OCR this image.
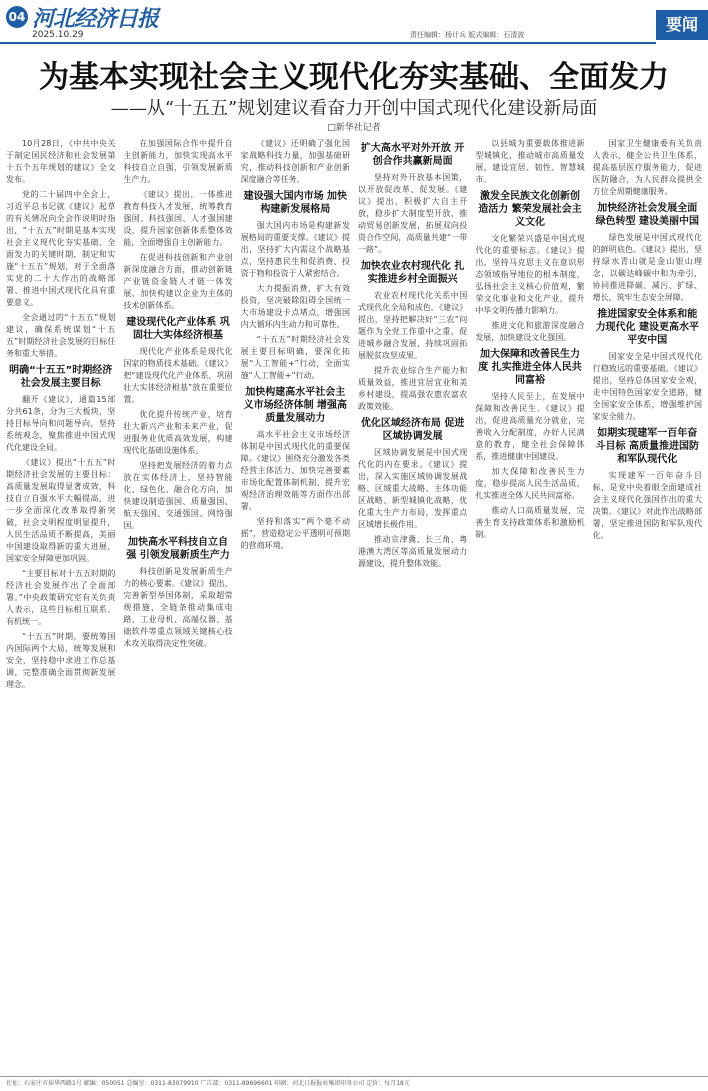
04 河北经济日报
2025.10.29	责任编辑：杨计兵 版式编辑：石清波
要闻
为基本实现社会主义现代化夯实基础、全面发力
——从“十五五”规划建议看奋力开创中国式现代化建设新局面
□新华社记者

10月28日，《中共中央关于制定国民经济和社会发展第十五个五年规划的建议》全文发布。

党的二十届四中全会上，习近平总书记就《建议》起草的有关情况向全会作说明时指出，“十五五”时期是基本实现社会主义现代化夯实基础、全面发力的关键时期，制定和实施“十五五”规划，对于全面落实党的二十大作出的战略部署、推进中国式现代化具有重要意义。

全会通过的“十五五”规划建议，确保系统谋划“十五五”时期经济社会发展的目标任务和重大举措。

明确“十五五”时期经济社会发展主要目标

翻开《建议》，通篇15部分共61条，分为三大板块，坚持目标导向和问题导向，坚持系统观念，聚焦推进中国式现代化建设全局。

《建议》提出“十五五”时期经济社会发展的主要目标：高质量发展取得显著成效，科技自立自强水平大幅提高，进一步全面深化改革取得新突破，社会文明程度明显提升，人民生活品质不断提高，美丽中国建设取得新的重大进展，国家安全屏障更加巩固。

“主要目标对十五五时期的经济社会发展作出了全面部署。”中央政策研究室有关负责人表示，这些目标相互联系、有机统一。

“十五五”时期，要统筹国内国际两个大局，统筹发展和安全，坚持稳中求进工作总基调，完整准确全面贯彻新发展理念。

在加强国际合作中提升自主创新能力，加快实现高水平科技自立自强，引领发展新质生产力。

《建议》提出，一体推进教育科技人才发展，统筹教育强国、科技强国、人才强国建设，提升国家创新体系整体效能，全面增强自主创新能力。

在促进科技创新和产业创新深度融合方面，推动创新链产业链资金链人才链一体发展，加快构建以企业为主体的技术创新体系。

建设现代化产业体系 巩固壮大实体经济根基

现代化产业体系是现代化国家的物质技术基础。《建议》把“建设现代化产业体系，巩固壮大实体经济根基”放在重要位置。

优化提升传统产业，培育壮大新兴产业和未来产业，促进服务业优质高效发展，构建现代化基础设施体系。

坚持把发展经济的着力点放在实体经济上，坚持智能化、绿色化、融合化方向，加快建设制造强国、质量强国、航天强国、交通强国、网络强国。

加快高水平科技自立自强 引领发展新质生产力

科技创新是发展新质生产力的核心要素。《建议》提出，完善新型举国体制，采取超常规措施，全链条推动集成电路、工业母机、高端仪器、基础软件等重点领域关键核心技术攻关取得决定性突破。

《建议》还明确了强化国家战略科技力量，加强基础研究，推动科技创新和产业创新深度融合等任务。

建设强大国内市场 加快构建新发展格局

强大国内市场是构建新发展格局的重要支撑。《建议》提出，坚持扩大内需这个战略基点，坚持惠民生和促消费、投资于物和投资于人紧密结合。

大力提振消费，扩大有效投资，坚决破除阻碍全国统一大市场建设卡点堵点，增强国内大循环内生动力和可靠性。

“十五五”时期经济社会发展主要目标明确，要深化拓展“人工智能+”行动，全面实施“人工智能+”行动。

加快构建高水平社会主义市场经济体制 增强高质量发展动力

高水平社会主义市场经济体制是中国式现代化的重要保障。《建议》围绕充分激发各类经营主体活力、加快完善要素市场化配置体制机制、提升宏观经济治理效能等方面作出部署。

坚持和落实“两个毫不动摇”，营造稳定公平透明可预期的营商环境。

扩大高水平对外开放 开创合作共赢新局面

坚持对外开放基本国策，以开放促改革、促发展。《建议》提出，积极扩大自主开放，稳步扩大制度型开放，推动贸易创新发展，拓展双向投资合作空间，高质量共建“一带一路”。

加快农业农村现代化 扎实推进乡村全面振兴

农业农村现代化关系中国式现代化全局和成色。《建议》提出，坚持把解决好“三农”问题作为全党工作重中之重，促进城乡融合发展，持续巩固拓展脱贫攻坚成果。

提升农业综合生产能力和质量效益，推进宜居宜业和美乡村建设，提高强农惠农富农政策效能。

优化区域经济布局 促进区域协调发展

区域协调发展是中国式现代化的内在要求。《建议》提出，深入实施区域协调发展战略、区域重大战略、主体功能区战略、新型城镇化战略，优化重大生产力布局，发挥重点区域增长极作用。

推动京津冀、长三角、粤港澳大湾区等高质量发展动力源建设，提升整体效能。

以县城为重要载体推进新型城镇化，推动城市高质量发展，建设宜居、韧性、智慧城市。

激发全民族文化创新创造活力 繁荣发展社会主义文化

文化繁荣兴盛是中国式现代化的重要标志。《建议》提出，坚持马克思主义在意识形态领域指导地位的根本制度，弘扬社会主义核心价值观，繁荣文化事业和文化产业，提升中华文明传播力影响力。

推进文化和旅游深度融合发展，加快建设文化强国。

加大保障和改善民生力度 扎实推进全体人民共同富裕

坚持人民至上，在发展中保障和改善民生。《建议》提出，促进高质量充分就业，完善收入分配制度，办好人民满意的教育，健全社会保障体系，推进健康中国建设。

加大保障和改善民生力度，稳步提高人民生活品质，扎实推进全体人民共同富裕。

推动人口高质量发展，完善生育支持政策体系和激励机制。

国家卫生健康委有关负责人表示，健全公共卫生体系，提高基层医疗服务能力，促进医防融合，为人民群众提供全方位全周期健康服务。

加快经济社会发展全面绿色转型 建设美丽中国

绿色发展是中国式现代化的鲜明底色。《建议》提出，坚持绿水青山就是金山银山理念，以碳达峰碳中和为牵引，协同推进降碳、减污、扩绿、增长，筑牢生态安全屏障。

推进国家安全体系和能力现代化 建设更高水平平安中国

国家安全是中国式现代化行稳致远的重要基础。《建议》提出，坚持总体国家安全观，走中国特色国家安全道路，健全国家安全体系，增强维护国家安全能力。

如期实现建军一百年奋斗目标 高质量推进国防和军队现代化

实现建军一百年奋斗目标，是党中央着眼全面建成社会主义现代化强国作出的重大决策。《建议》对此作出战略部署，坚定推进国防和军队现代化。

社址：石家庄市裕华西路1号 邮编：050051 总编室：0311-83079910 广告部：0311-89696601 印刷：河北日报报业集团印务公司 定价：每月18元
